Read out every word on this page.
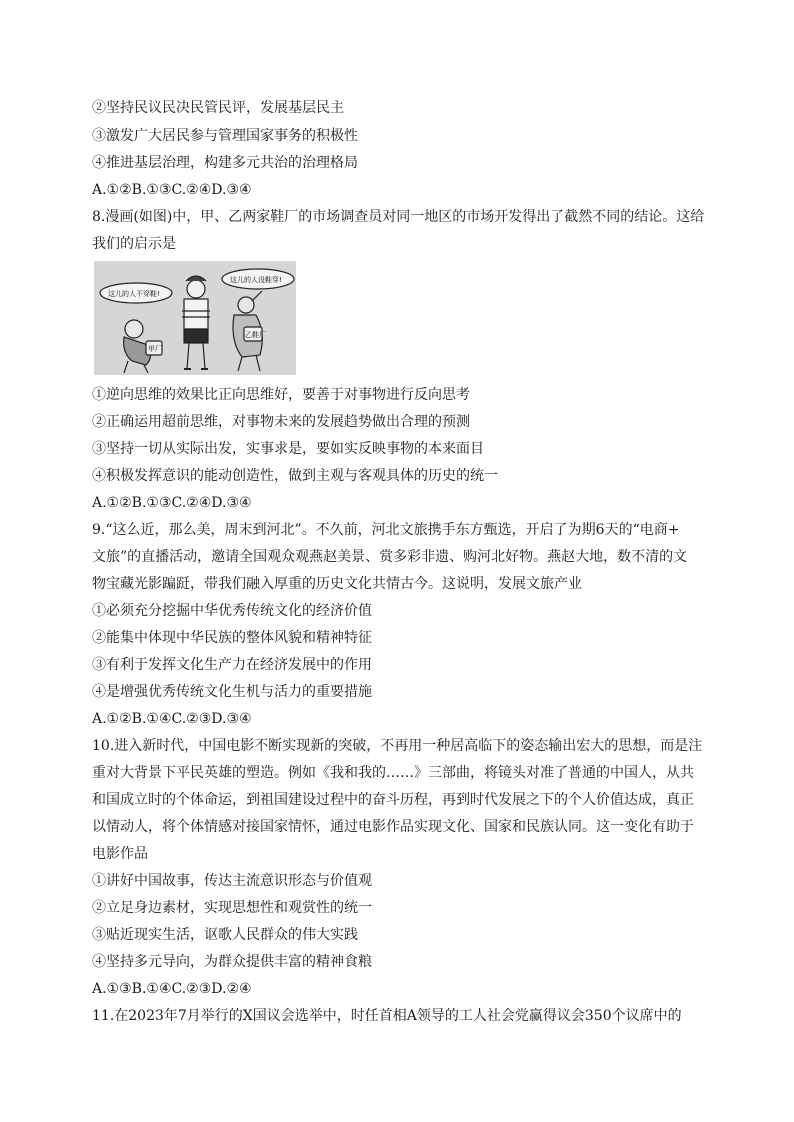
②坚持民议民决民管民评，发展基层民主
③激发广大居民参与管理国家事务的积极性
④推进基层治理，构建多元共治的治理格局
A.①②B.①③C.②④D.③④
8.漫画(如图)中，甲、乙两家鞋厂的市场调查员对同一地区的市场开发得出了截然不同的结论。这给
我们的启示是
这儿的人不穿鞋!
这儿的人没鞋穿!
甲厂
乙鞋厂
①逆向思维的效果比正向思维好，要善于对事物进行反向思考
②正确运用超前思维，对事物未来的发展趋势做出合理的预测
③坚持一切从实际出发，实事求是，要如实反映事物的本来面目
④积极发挥意识的能动创造性，做到主观与客观具体的历史的统一
A.①②B.①③C.②④D.③④
9.“这么近，那么美，周末到河北”。不久前，河北文旅携手东方甄选，开启了为期6天的“电商+
文旅”的直播活动，邀请全国观众观燕赵美景、赏多彩非遗、购河北好物。燕赵大地，数不清的文
物宝藏光影蹁跹，带我们融入厚重的历史文化共情古今。这说明，发展文旅产业
①必须充分挖掘中华优秀传统文化的经济价值
②能集中体现中华民族的整体风貌和精神特征
③有利于发挥文化生产力在经济发展中的作用
④是增强优秀传统文化生机与活力的重要措施
A.①②B.①④C.②③D.③④
10.进入新时代，中国电影不断实现新的突破，不再用一种居高临下的姿态输出宏大的思想，而是注
重对大背景下平民英雄的塑造。例如《我和我的……》三部曲，将镜头对准了普通的中国人，从共
和国成立时的个体命运，到祖国建设过程中的奋斗历程，再到时代发展之下的个人价值达成，真正
以情动人，将个体情感对接国家情怀，通过电影作品实现文化、国家和民族认同。这一变化有助于
电影作品
①讲好中国故事，传达主流意识形态与价值观
②立足身边素材，实现思想性和观赏性的统一
③贴近现实生活，讴歌人民群众的伟大实践
④坚持多元导向，为群众提供丰富的精神食粮
A.①③B.①④C.②③D.②④
11.在2023年7月举行的X国议会选举中，时任首相A领导的工人社会党赢得议会350个议席中的
